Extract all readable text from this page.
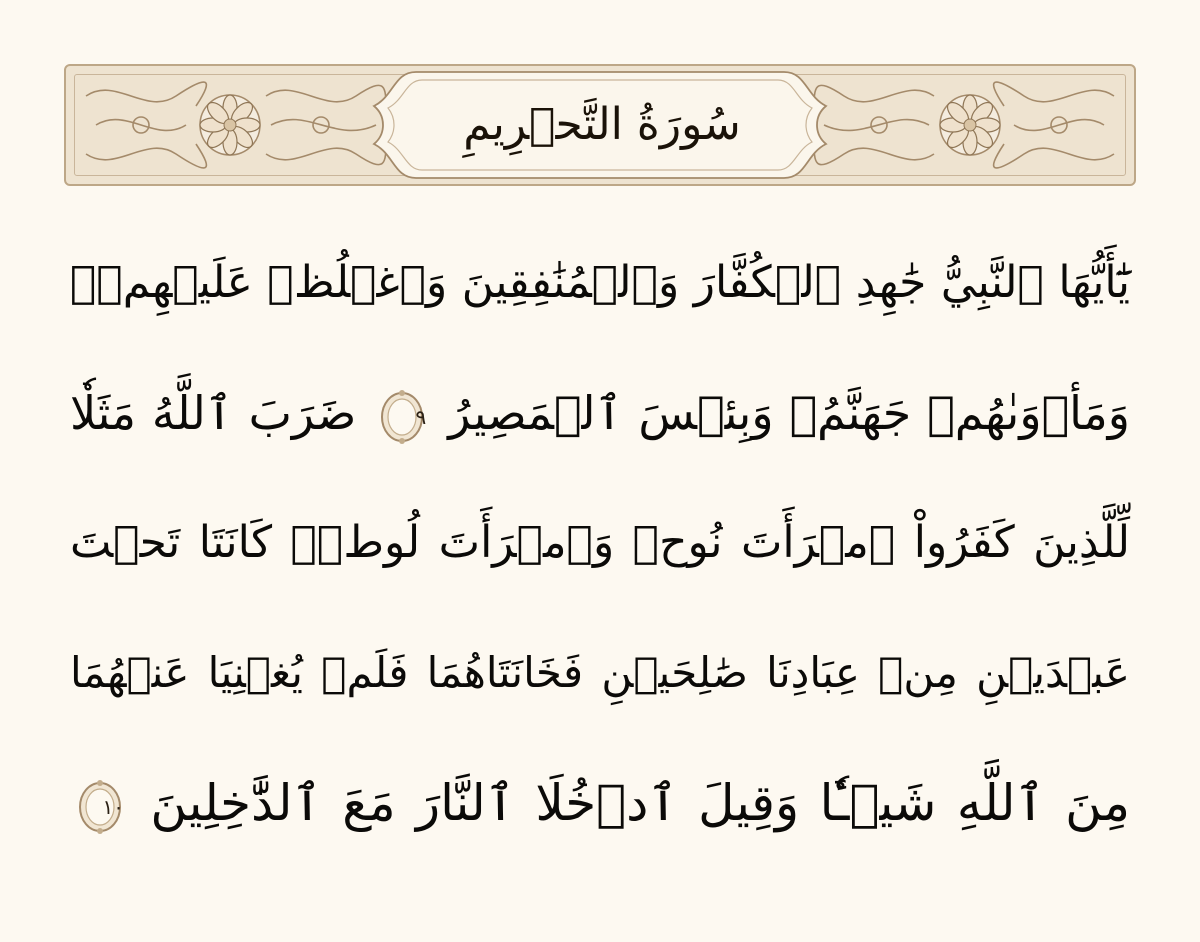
سُورَةُ التَّحۡرِيمِ
يَٰٓأَيُّهَا ٱلنَّبِيُّ جَٰهِدِ ٱلۡكُفَّارَ وَٱلۡمُنَٰفِقِينَ وَٱغۡلُظۡ عَلَيۡهِمۡۚ
وَمَأۡوَىٰهُمۡ جَهَنَّمُۖ وَبِئۡسَ ٱلۡمَصِيرُ
٩
ضَرَبَ ٱللَّهُ مَثَلٗا
لِّلَّذِينَ كَفَرُواْ ٱمۡرَأَتَ نُوحٖ وَٱمۡرَأَتَ لُوطٖۖ كَانَتَا تَحۡتَ
عَبۡدَيۡنِ مِنۡ عِبَادِنَا صَٰلِحَيۡنِ فَخَانَتَاهُمَا فَلَمۡ يُغۡنِيَا عَنۡهُمَا
مِنَ ٱللَّهِ شَيۡـٔٗا وَقِيلَ ٱدۡخُلَا ٱلنَّارَ مَعَ ٱلدَّٰخِلِينَ
١٠
